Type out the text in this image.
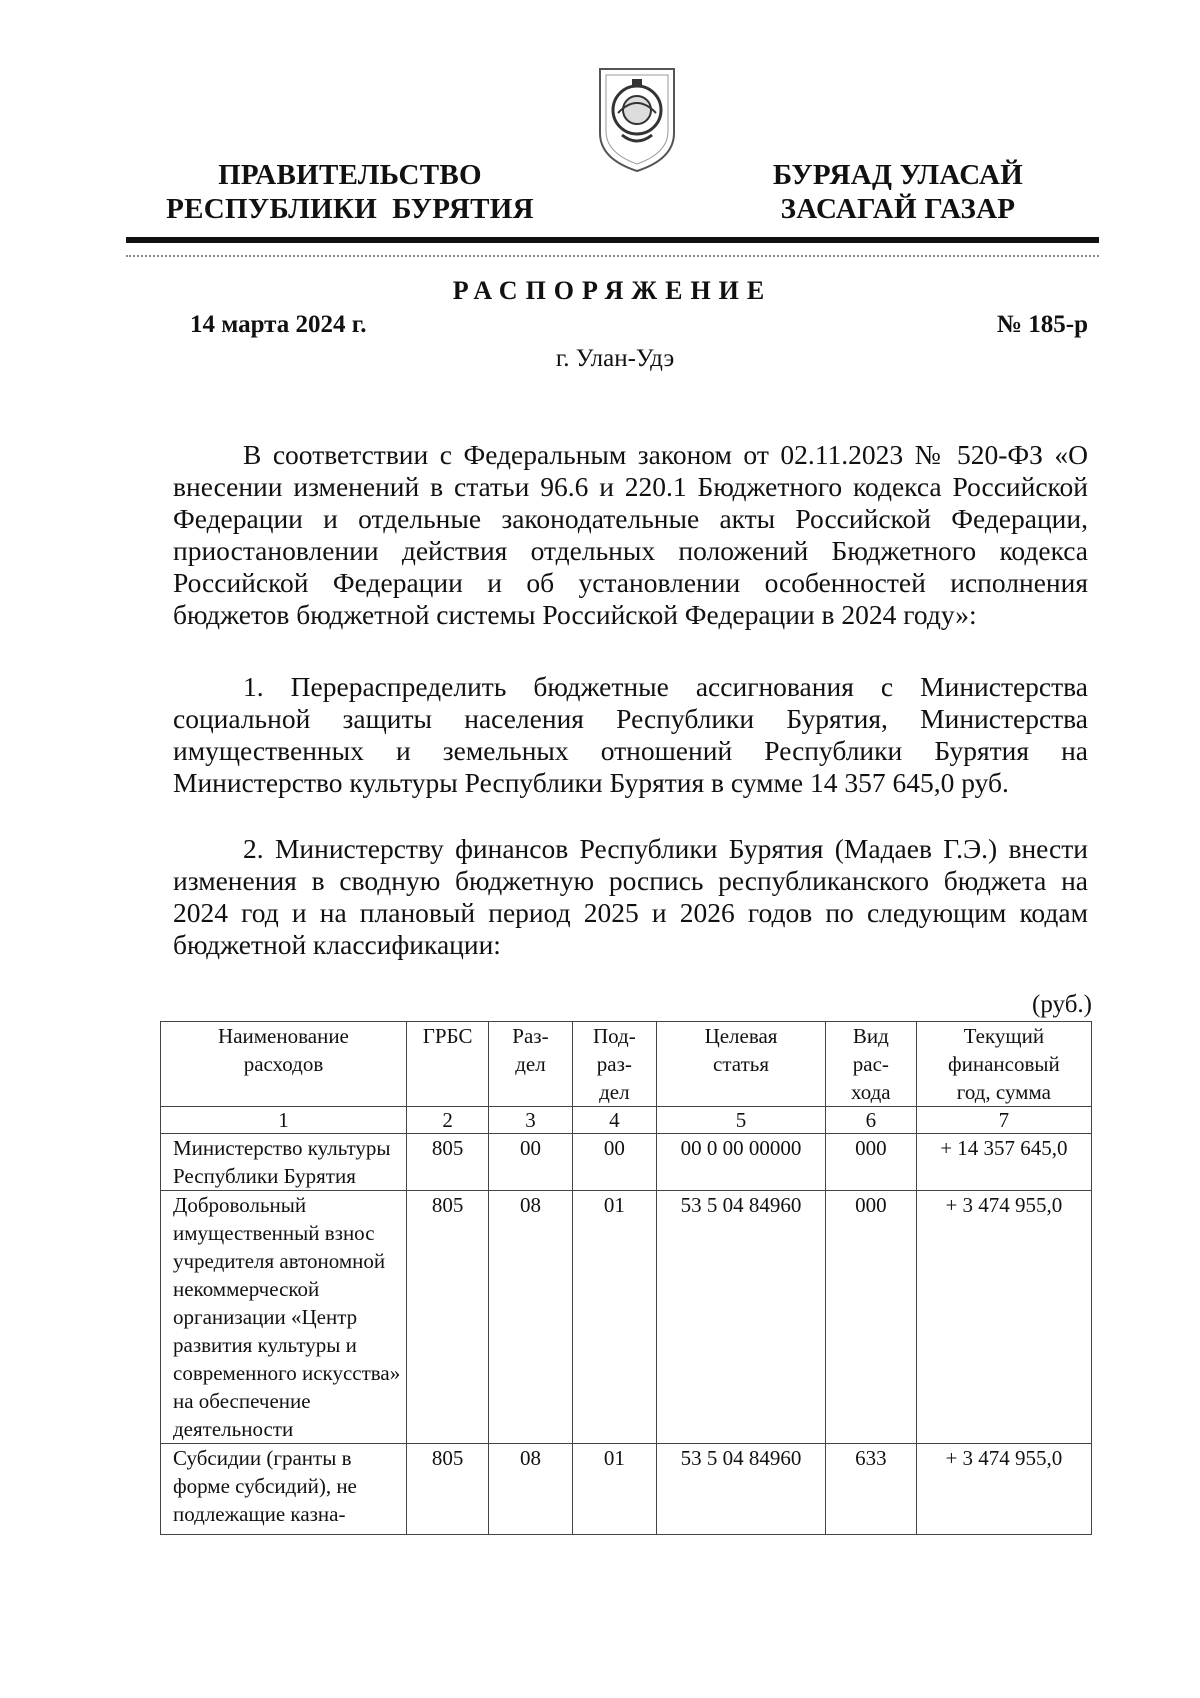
ПРАВИТЕЛЬСТВО
РЕСПУБЛИКИ  БУРЯТИЯ
БУРЯАД УЛАСАЙ
ЗАСАГАЙ ГАЗАР
РАСПОРЯЖЕНИЕ
14 марта 2024 г.	№ 185-р
г. Улан-Удэ

В соответствии с Федеральным законом от 02.11.2023 № 520-ФЗ «О внесении изменений в статьи 96.6 и 220.1 Бюджетного кодекса Российской Федерации и отдельные законодательные акты Российской Федерации, приостановлении действия отдельных положений Бюджетного кодекса Российской Федерации и об установлении особенностей исполнения бюджетов бюджетной системы Российской Федерации в 2024 году»:

1. Перераспределить бюджетные ассигнования с Министерства социальной защиты населения Республики Бурятия, Министерства имущественных и земельных отношений Республики Бурятия на Министерство культуры Республики Бурятия в сумме 14 357 645,0 руб.

2. Министерству финансов Республики Бурятия (Мадаев Г.Э.) внести изменения в сводную бюджетную роспись республиканского бюджета на 2024 год и на плановый период 2025 и 2026 годов по следующим кодам бюджетной классификации:

(руб.)
Наименование расходов	ГРБС	Раз-дел	Под-раз-дел	Целевая статья	Вид рас-хода	Текущий финансовый год, сумма
1	2	3	4	5	6	7
Министерство культуры Республики Бурятия	805	00	00	00 0 00 00000	000	+ 14 357 645,0
Добровольный имущественный взнос учредителя автономной некоммерческой организации «Центр развития культуры и современного искусства» на обеспечение деятельности	805	08	01	53 5 04 84960	000	+ 3 474 955,0
Субсидии (гранты в форме субсидий), не подлежащие казна-	805	08	01	53 5 04 84960	633	+ 3 474 955,0
